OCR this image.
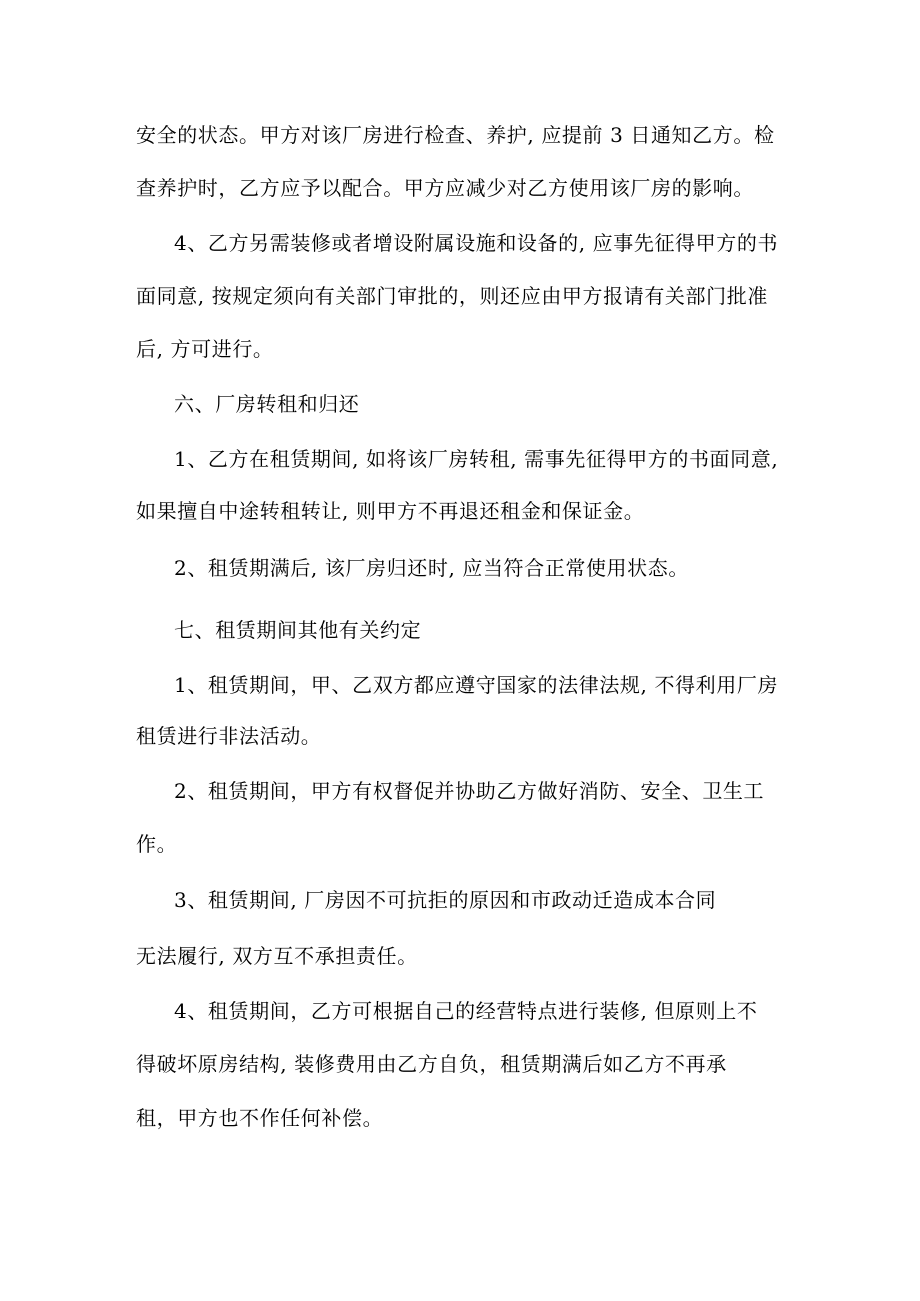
安全的状态。甲方对该厂房进行检查、养护, 应提前 3 日通知乙方。检
查养护时，乙方应予以配合。甲方应减少对乙方使用该厂房的影响。
4、乙方另需装修或者增设附属设施和设备的, 应事先征得甲方的书
面同意, 按规定须向有关部门审批的，则还应由甲方报请有关部门批准
后, 方可进行。
六、厂房转租和归还
1、乙方在租赁期间, 如将该厂房转租, 需事先征得甲方的书面同意,
如果擅自中途转租转让, 则甲方不再退还租金和保证金。
2、租赁期满后, 该厂房归还时, 应当符合正常使用状态。
七、租赁期间其他有关约定
1、租赁期间，甲、乙双方都应遵守国家的法律法规, 不得利用厂房
租赁进行非法活动。
2、租赁期间，甲方有权督促并协助乙方做好消防、安全、卫生工
作。
3、租赁期间, 厂房因不可抗拒的原因和市政动迁造成本合同
无法履行, 双方互不承担责任。
4、租赁期间，乙方可根据自己的经营特点进行装修, 但原则上不
得破坏原房结构, 装修费用由乙方自负，租赁期满后如乙方不再承
租，甲方也不作任何补偿。
